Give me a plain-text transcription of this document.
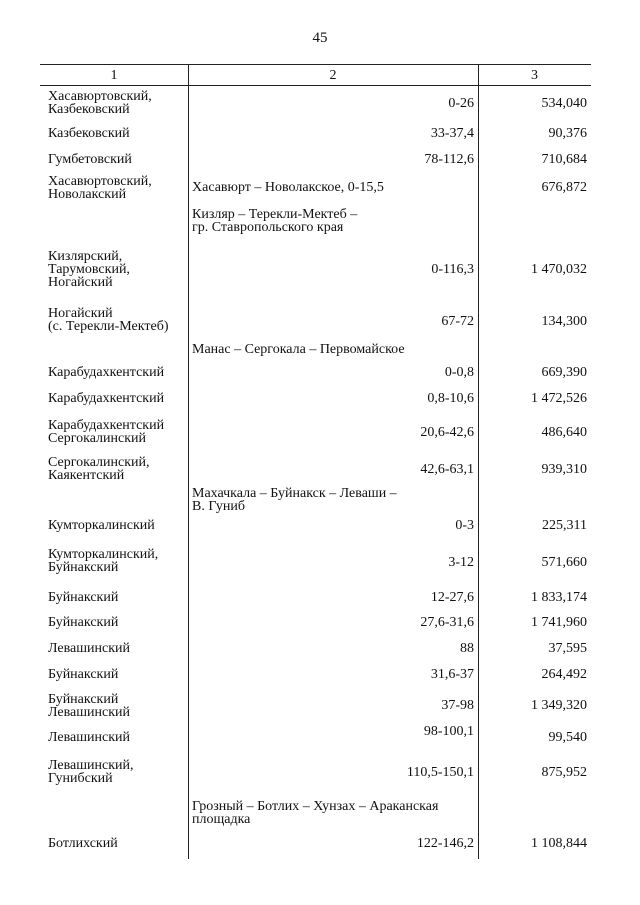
45
1	2	3
Хасавюртовский,
Казбековский	0-26	534,040
Казбековский	33-37,4	90,376
Гумбетовский	78-112,6	710,684
Хасавюртовский,
Новолакский	Хасавюрт – Новолакское, 0-15,5	676,872
Кизляр – Терекли-Мектеб –
гр. Ставропольского края
Кизлярский,
Тарумовский,
Ногайский
0-116,3	1 470,032
Ногайский
(с. Терекли-Мектеб)	67-72	134,300
Манас – Сергокала – Первомайское
Карабудахкентский	0-0,8	669,390
Карабудахкентский	0,8-10,6	1 472,526
Карабудахкентский
Сергокалинский	20,6-42,6	486,640
Сергокалинский,
Каякентский	42,6-63,1	939,310
Махачкала – Буйнакск – Леваши –
В. Гуниб
Кумторкалинский	0-3	225,311
Кумторкалинский,
Буйнакский	3-12	571,660
Буйнакский	12-27,6	1 833,174
Буйнакский	27,6-31,6	1 741,960
Левашинский	88	37,595
Буйнакский	31,6-37	264,492
Буйнакский
Левашинский	37-98	1 349,320
Левашинский	98-100,1	99,540
Левашинский,
Гунибский	110,5-150,1	875,952
Грозный – Ботлих – Хунзах – Араканская
площадка
Ботлихский	122-146,2	1 108,844
